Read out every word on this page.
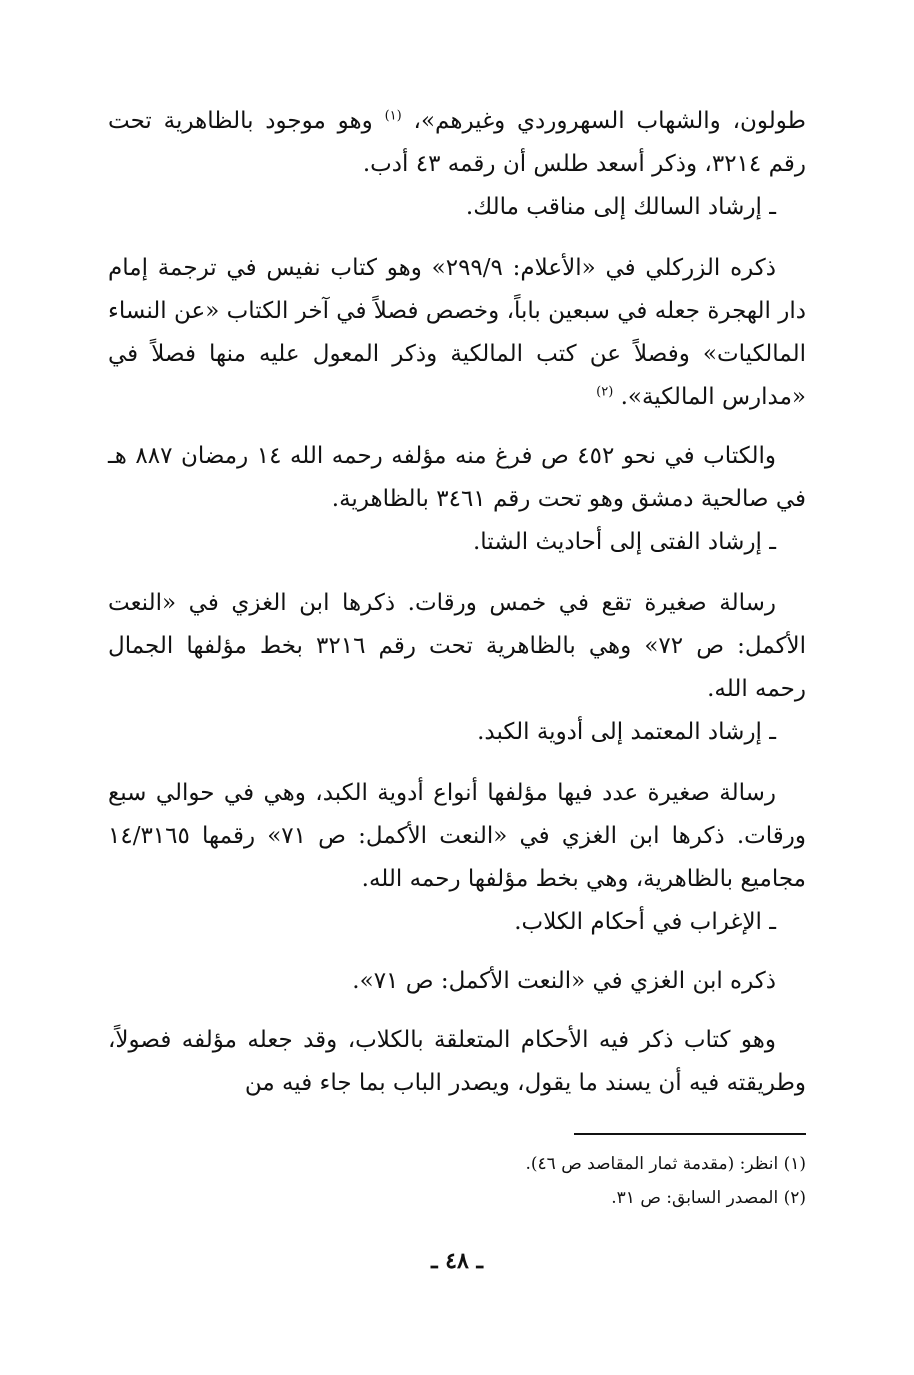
طولون، والشهاب السهروردي وغيرهم»، $^{(١)}$ وهو موجود بالظاهرية تحت رقم ٣٢١٤، وذكر أسعد طلس أن رقمه ٤٣ أدب.

ـ إرشاد السالك إلى مناقب مالك.

ذكره الزركلي في «الأعلام: ٢٩٩/٩» وهو كتاب نفيس في ترجمة إمام دار الهجرة جعله في سبعين باباً، وخصص فصلاً في آخر الكتاب «عن النساء المالكيات» وفصلاً عن كتب المالكية وذكر المعول عليه منها فصلاً في «مدارس المالكية». $^{(٢)}$

والكتاب في نحو ٤٥٢ ص فرغ منه مؤلفه رحمه الله ١٤ رمضان ٨٨٧ هـ في صالحية دمشق وهو تحت رقم ٣٤٦١ بالظاهرية.

ـ إرشاد الفتى إلى أحاديث الشتا.

رسالة صغيرة تقع في خمس ورقات. ذكرها ابن الغزي في «النعت الأكمل: ص ٧٢» وهي بالظاهرية تحت رقم ٣٢١٦ بخط مؤلفها الجمال رحمه الله.

ـ إرشاد المعتمد إلى أدوية الكبد.

رسالة صغيرة عدد فيها مؤلفها أنواع أدوية الكبد، وهي في حوالي سبع ورقات. ذكرها ابن الغزي في «النعت الأكمل: ص ٧١» رقمها ١٤/٣١٦٥ مجاميع بالظاهرية، وهي بخط مؤلفها رحمه الله.

ـ الإغراب في أحكام الكلاب.

ذكره ابن الغزي في «النعت الأكمل: ص ٧١».

وهو كتاب ذكر فيه الأحكام المتعلقة بالكلاب، وقد جعله مؤلفه فصولاً، وطريقته فيه أن يسند ما يقول، ويصدر الباب بما جاء فيه من

(١) انظر: (مقدمة ثمار المقاصد ص ٤٦).

(٢) المصدر السابق: ص ٣١.

ـ ٤٨ ـ
